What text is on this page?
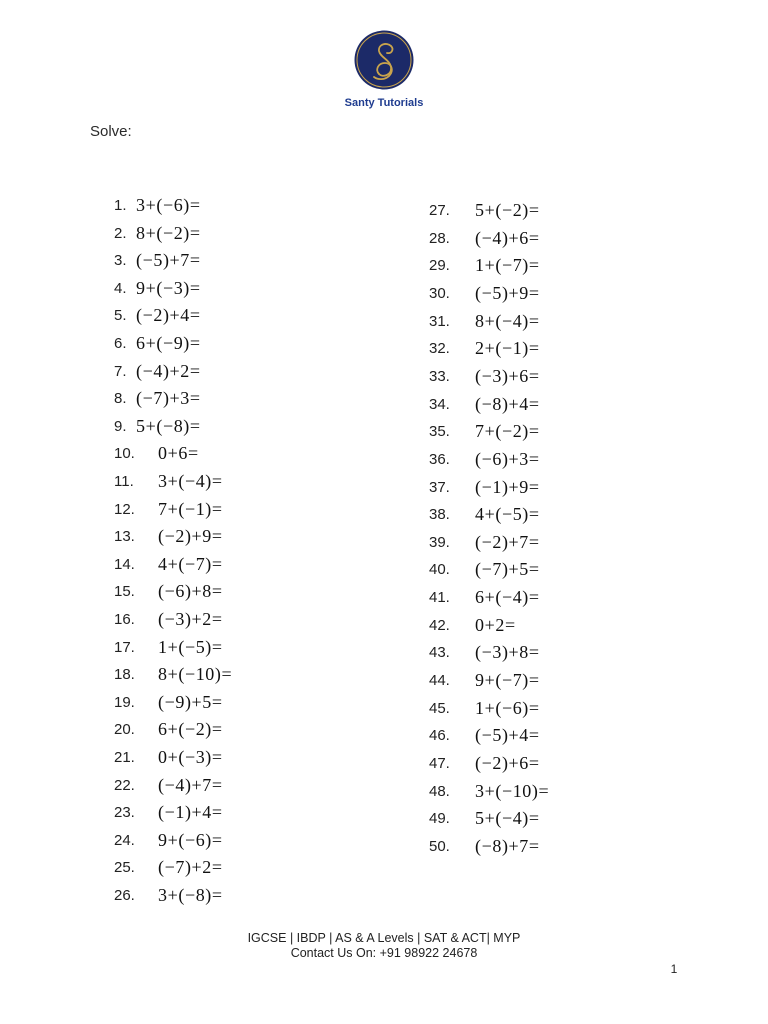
Santy Tutorials
Solve:
1. 3+(−6)=
2. 8+(−2)=
3. (−5)+7=
4. 9+(−3)=
5. (−2)+4=
6. 6+(−9)=
7. (−4)+2=
8. (−7)+3=
9. 5+(−8)=
10. 0+6=
11. 3+(−4)=
12. 7+(−1)=
13. (−2)+9=
14. 4+(−7)=
15. (−6)+8=
16. (−3)+2=
17. 1+(−5)=
18. 8+(−10)=
19. (−9)+5=
20. 6+(−2)=
21. 0+(−3)=
22. (−4)+7=
23. (−1)+4=
24. 9+(−6)=
25. (−7)+2=
26. 3+(−8)=
27. 5+(−2)=
28. (−4)+6=
29. 1+(−7)=
30. (−5)+9=
31. 8+(−4)=
32. 2+(−1)=
33. (−3)+6=
34. (−8)+4=
35. 7+(−2)=
36. (−6)+3=
37. (−1)+9=
38. 4+(−5)=
39. (−2)+7=
40. (−7)+5=
41. 6+(−4)=
42. 0+2=
43. (−3)+8=
44. 9+(−7)=
45. 1+(−6)=
46. (−5)+4=
47. (−2)+6=
48. 3+(−10)=
49. 5+(−4)=
50. (−8)+7=
IGCSE | IBDP | AS & A Levels | SAT & ACT| MYP
Contact Us On: +91 98922 24678
1
